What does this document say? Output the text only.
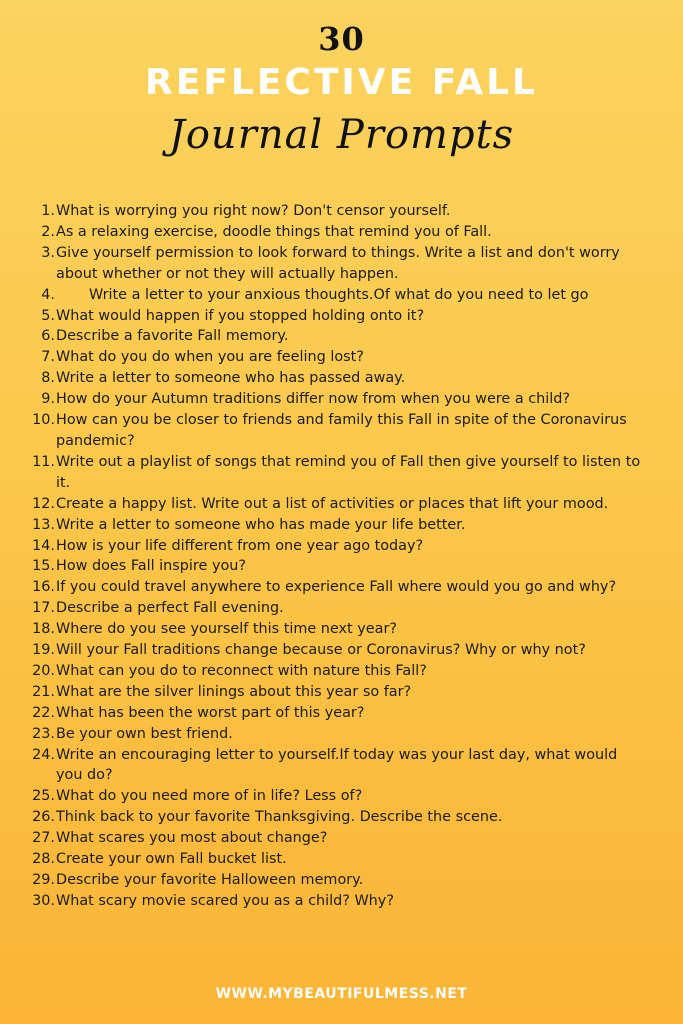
30
REFLECTIVE FALL
Journal Prompts
1. What is worrying you right now? Don't censor yourself.
2. As a relaxing exercise, doodle things that remind you of Fall.
3. Give yourself permission to look forward to things. Write a list and don't worry about whether or not they will actually happen.
4. Write a letter to your anxious thoughts.Of what do you need to let go
5. What would happen if you stopped holding onto it?
6. Describe a favorite Fall memory.
7. What do you do when you are feeling lost?
8. Write a letter to someone who has passed away.
9. How do your Autumn traditions differ now from when you were a child?
10. How can you be closer to friends and family this Fall in spite of the Coronavirus pandemic?
11. Write out a playlist of songs that remind you of Fall then give yourself to listen to it.
12. Create a happy list. Write out a list of activities or places that lift your mood.
13. Write a letter to someone who has made your life better.
14. How is your life different from one year ago today?
15. How does Fall inspire you?
16. If you could travel anywhere to experience Fall where would you go and why?
17. Describe a perfect Fall evening.
18. Where do you see yourself this time next year?
19. Will your Fall traditions change because or Coronavirus? Why or why not?
20. What can you do to reconnect with nature this Fall?
21. What are the silver linings about this year so far?
22. What has been the worst part of this year?
23. Be your own best friend.
24. Write an encouraging letter to yourself.If today was your last day, what would you do?
25. What do you need more of in life? Less of?
26. Think back to your favorite Thanksgiving. Describe the scene.
27. What scares you most about change?
28. Create your own Fall bucket list.
29. Describe your favorite Halloween memory.
30. What scary movie scared you as a child? Why?
WWW.MYBEAUTIFULMESS.NET
